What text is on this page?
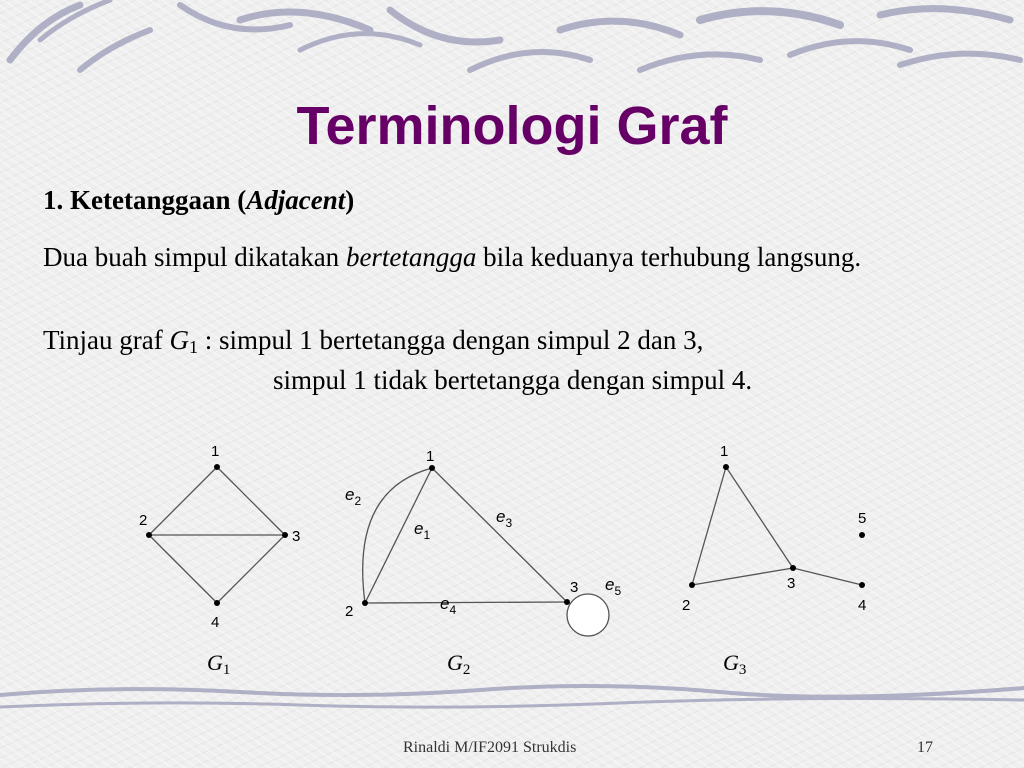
Terminologi Graf

1. Ketetanggaan (Adjacent)

Dua buah simpul dikatakan bertetangga bila keduanya terhubung langsung.

Tinjau graf $G_1$ : simpul 1 bertetangga dengan simpul 2 dan 3,

simpul 1 tidak bertetangga dengan simpul 4.

1
2
3
4
G1
1
2
3
$e_1$
$e_2$
$e_3$
$e_4$
$e_5$
G2
1
2
3
4
5
G3
Rinaldi M/IF2091 Strukdis	17
